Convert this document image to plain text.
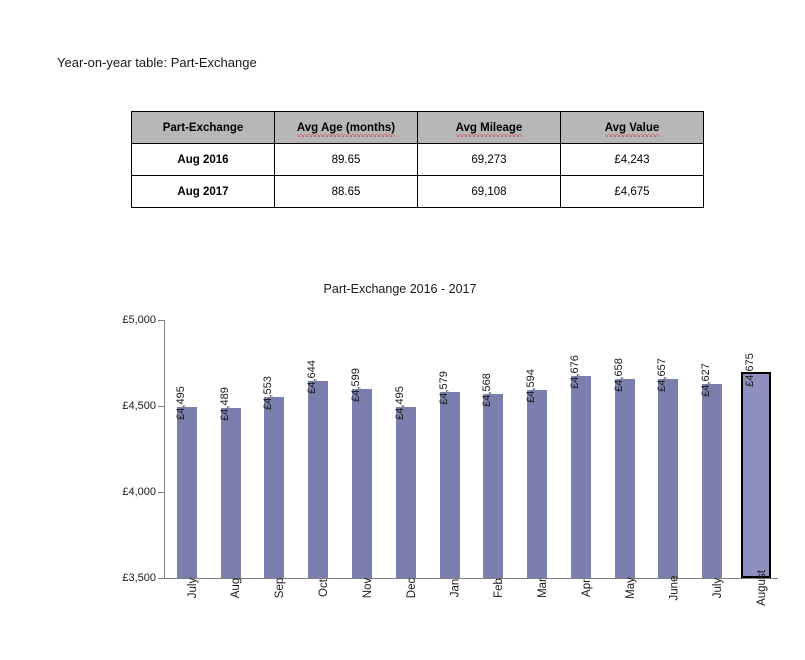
Year-on-year table: Part-Exchange
Part-Exchange	Avg Age (months)	Avg Mileage	Avg Value
Aug 2016	89.65	69,273	£4,243
Aug 2017	88.65	69,108	£4,675
Part-Exchange 2016 - 2017
£3,500
£4,000
£4,500
£5,000
£4,495	£4,489	£4,553	£4,644	£4,599
£4,495	£4,579	£4,568	£4,594	£4,676	£4,658	£4,657	£4,627	£4,675
July	Aug	Sep	Oct	Nov	Dec	Jan	Feb	Mar	Apr	May	June	July	August
